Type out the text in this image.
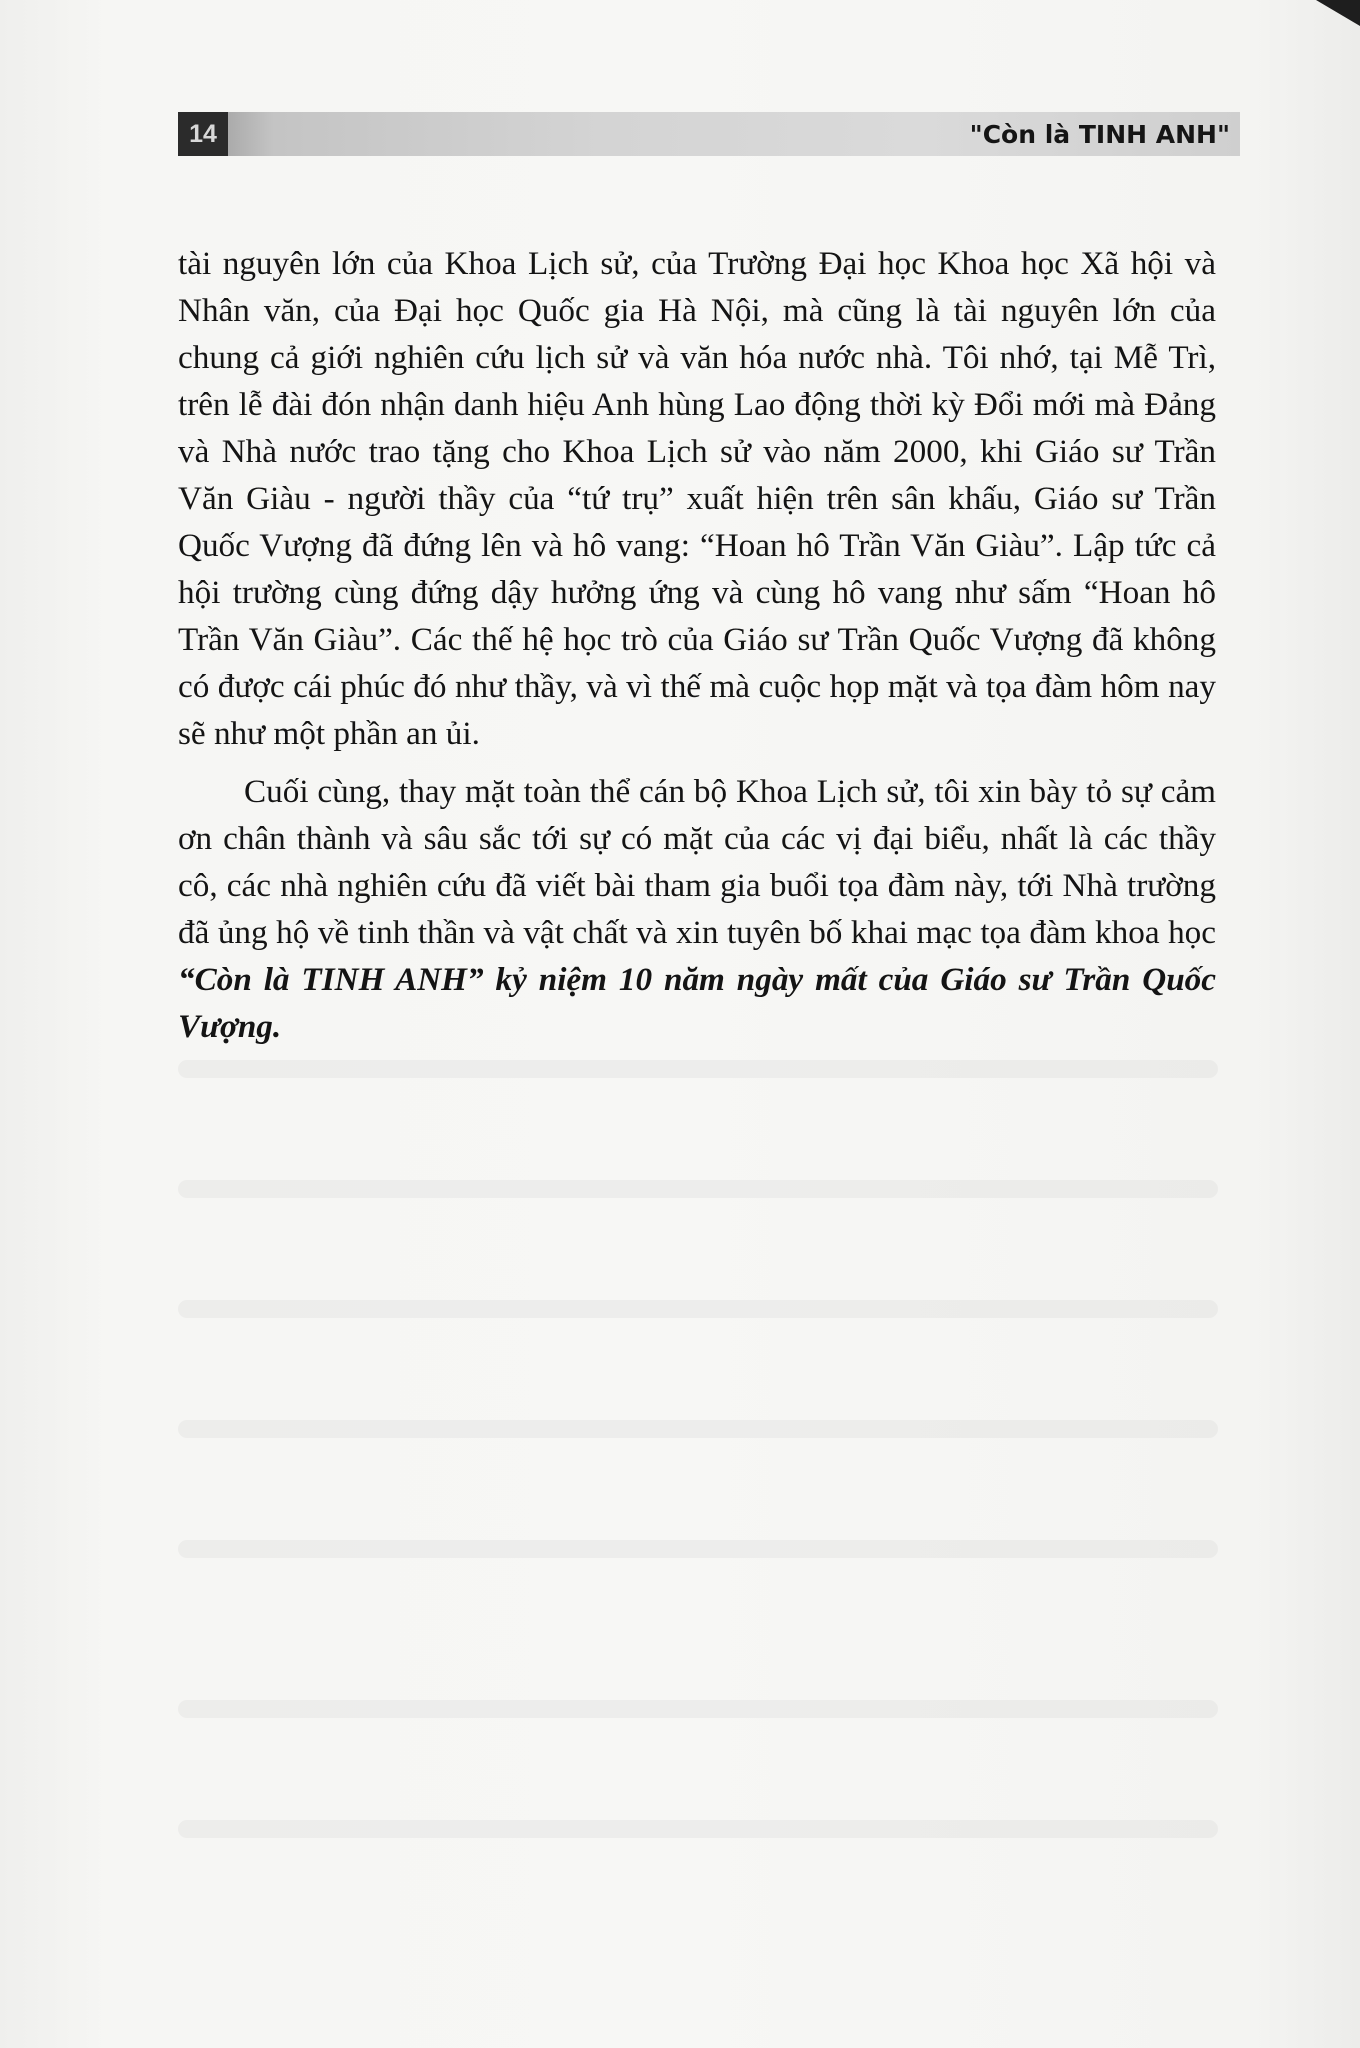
14	"Còn là TINH ANH"

tài nguyên lớn của Khoa Lịch sử, của Trường Đại học Khoa học Xã hội và Nhân văn, của Đại học Quốc gia Hà Nội, mà cũng là tài nguyên lớn của chung cả giới nghiên cứu lịch sử và văn hóa nước nhà. Tôi nhớ, tại Mễ Trì, trên lễ đài đón nhận danh hiệu Anh hùng Lao động thời kỳ Đổi mới mà Đảng và Nhà nước trao tặng cho Khoa Lịch sử vào năm 2000, khi Giáo sư Trần Văn Giàu - người thầy của “tứ trụ” xuất hiện trên sân khấu, Giáo sư Trần Quốc Vượng đã đứng lên và hô vang: “Hoan hô Trần Văn Giàu”. Lập tức cả hội trường cùng đứng dậy hưởng ứng và cùng hô vang như sấm “Hoan hô Trần Văn Giàu”. Các thế hệ học trò của Giáo sư Trần Quốc Vượng đã không có được cái phúc đó như thầy, và vì thế mà cuộc họp mặt và tọa đàm hôm nay sẽ như một phần an ủi.

Cuối cùng, thay mặt toàn thể cán bộ Khoa Lịch sử, tôi xin bày tỏ sự cảm ơn chân thành và sâu sắc tới sự có mặt của các vị đại biểu, nhất là các thầy cô, các nhà nghiên cứu đã viết bài tham gia buổi tọa đàm này, tới Nhà trường đã ủng hộ về tinh thần và vật chất và xin tuyên bố khai mạc tọa đàm khoa học “Còn là TINH ANH” kỷ niệm 10 năm ngày mất của Giáo sư Trần Quốc Vượng.
